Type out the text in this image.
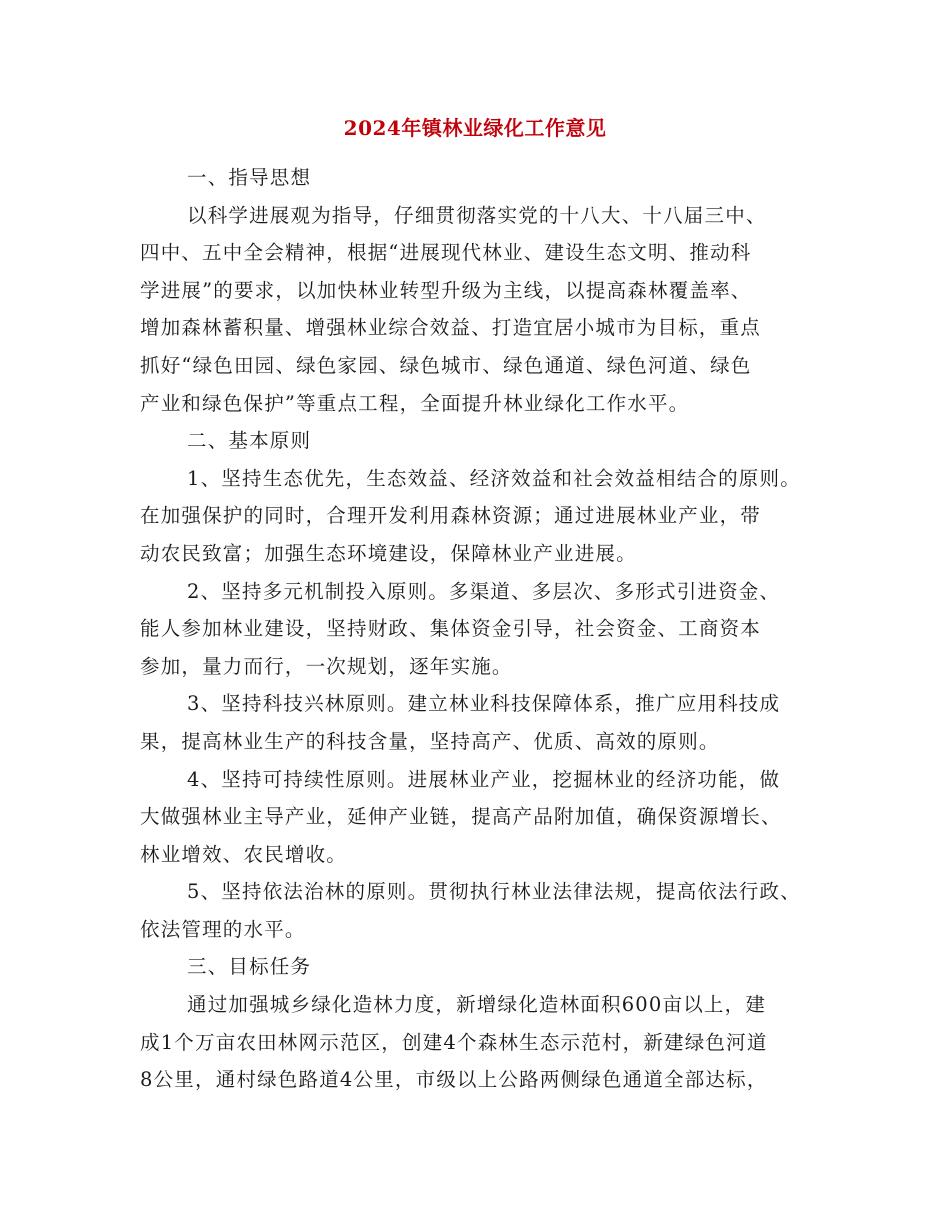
2024年镇林业绿化工作意见
一、指导思想
以科学进展观为指导，仔细贯彻落实党的十八大、十八届三中、
四中、五中全会精神，根据“进展现代林业、建设生态文明、推动科
学进展”的要求，以加快林业转型升级为主线，以提高森林覆盖率、
增加森林蓄积量、增强林业综合效益、打造宜居小城市为目标，重点
抓好“绿色田园、绿色家园、绿色城市、绿色通道、绿色河道、绿色
产业和绿色保护”等重点工程，全面提升林业绿化工作水平。
二、基本原则
1、坚持生态优先，生态效益、经济效益和社会效益相结合的原则。
在加强保护的同时，合理开发利用森林资源；通过进展林业产业，带
动农民致富；加强生态环境建设，保障林业产业进展。
2、坚持多元机制投入原则。多渠道、多层次、多形式引进资金、
能人参加林业建设，坚持财政、集体资金引导，社会资金、工商资本
参加，量力而行，一次规划，逐年实施。
3、坚持科技兴林原则。建立林业科技保障体系，推广应用科技成
果，提高林业生产的科技含量，坚持高产、优质、高效的原则。
4、坚持可持续性原则。进展林业产业，挖掘林业的经济功能，做
大做强林业主导产业，延伸产业链，提高产品附加值，确保资源增长、
林业增效、农民增收。
5、坚持依法治林的原则。贯彻执行林业法律法规，提高依法行政、
依法管理的水平。
三、目标任务
通过加强城乡绿化造林力度，新增绿化造林面积600亩以上，建
成1个万亩农田林网示范区，创建4个森林生态示范村，新建绿色河道
8公里，通村绿色路道4公里，市级以上公路两侧绿色通道全部达标，
